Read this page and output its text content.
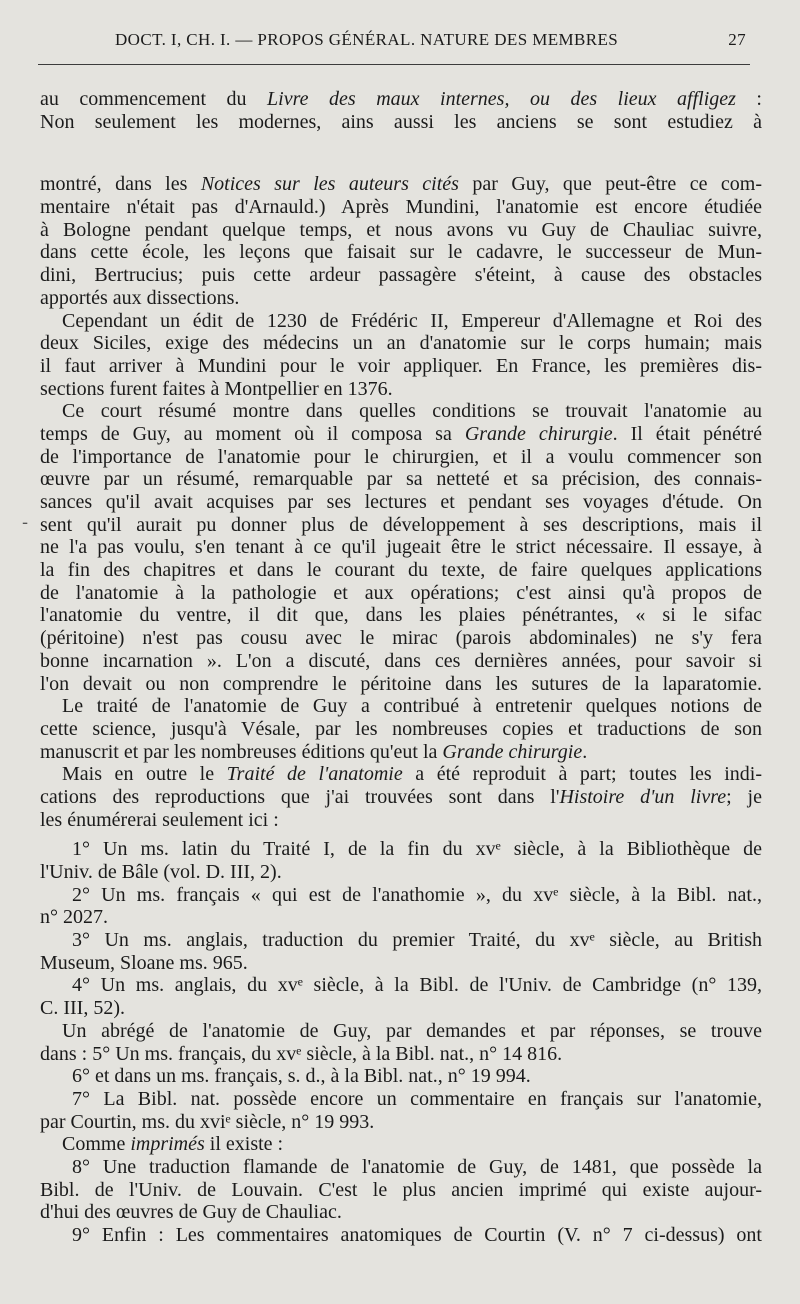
DOCT. I, CH. I. — PROPOS GÉNÉRAL. NATURE DES MEMBRES	27
au commencement du Livre des maux internes, ou des lieux affligez :
Non seulement les modernes, ains aussi les anciens se sont estudiez à
montré, dans les Notices sur les auteurs cités par Guy, que peut-être ce com-
mentaire n'était pas d'Arnauld.) Après Mundini, l'anatomie est encore étudiée
à Bologne pendant quelque temps, et nous avons vu Guy de Chauliac suivre,
dans cette école, les leçons que faisait sur le cadavre, le successeur de Mun-
dini, Bertrucius; puis cette ardeur passagère s'éteint, à cause des obstacles
apportés aux dissections.
Cependant un édit de 1230 de Frédéric II, Empereur d'Allemagne et Roi des
deux Siciles, exige des médecins un an d'anatomie sur le corps humain; mais
il faut arriver à Mundini pour le voir appliquer. En France, les premières dis-
sections furent faites à Montpellier en 1376.
Ce court résumé montre dans quelles conditions se trouvait l'anatomie au
temps de Guy, au moment où il composa sa Grande chirurgie. Il était pénétré
de l'importance de l'anatomie pour le chirurgien, et il a voulu commencer son
œuvre par un résumé, remarquable par sa netteté et sa précision, des connais-
sances qu'il avait acquises par ses lectures et pendant ses voyages d'étude. On
sent qu'il aurait pu donner plus de développement à ses descriptions, mais il
ne l'a pas voulu, s'en tenant à ce qu'il jugeait être le strict nécessaire. Il essaye, à
la fin des chapitres et dans le courant du texte, de faire quelques applications
de l'anatomie à la pathologie et aux opérations; c'est ainsi qu'à propos de
l'anatomie du ventre, il dit que, dans les plaies pénétrantes, « si le sifac
(péritoine) n'est pas cousu avec le mirac (parois abdominales) ne s'y fera
bonne incarnation ». L'on a discuté, dans ces dernières années, pour savoir si
l'on devait ou non comprendre le péritoine dans les sutures de la laparatomie.
Le traité de l'anatomie de Guy a contribué à entretenir quelques notions de
cette science, jusqu'à Vésale, par les nombreuses copies et traductions de son
manuscrit et par les nombreuses éditions qu'eut la Grande chirurgie.
Mais en outre le Traité de l'anatomie a été reproduit à part; toutes les indi-
cations des reproductions que j'ai trouvées sont dans l'Histoire d'un livre; je
les énumérerai seulement ici :
1° Un ms. latin du Traité I, de la fin du xvᵉ siècle, à la Bibliothèque de
l'Univ. de Bâle (vol. D. III, 2).
2° Un ms. français « qui est de l'anathomie », du xvᵉ siècle, à la Bibl. nat.,
n° 2027.
3° Un ms. anglais, traduction du premier Traité, du xvᵉ siècle, au British
Museum, Sloane ms. 965.
4° Un ms. anglais, du xvᵉ siècle, à la Bibl. de l'Univ. de Cambridge (n° 139,
C. III, 52).
Un abrégé de l'anatomie de Guy, par demandes et par réponses, se trouve
dans : 5° Un ms. français, du xvᵉ siècle, à la Bibl. nat., n° 14 816.
6° et dans un ms. français, s. d., à la Bibl. nat., n° 19 994.
7° La Bibl. nat. possède encore un commentaire en français sur l'anatomie,
par Courtin, ms. du xviᵉ siècle, n° 19 993.
Comme imprimés il existe :
8° Une traduction flamande de l'anatomie de Guy, de 1481, que possède la
Bibl. de l'Univ. de Louvain. C'est le plus ancien imprimé qui existe aujour-
d'hui des œuvres de Guy de Chauliac.
9° Enfin : Les commentaires anatomiques de Courtin (V. n° 7 ci-dessus) ont
-
